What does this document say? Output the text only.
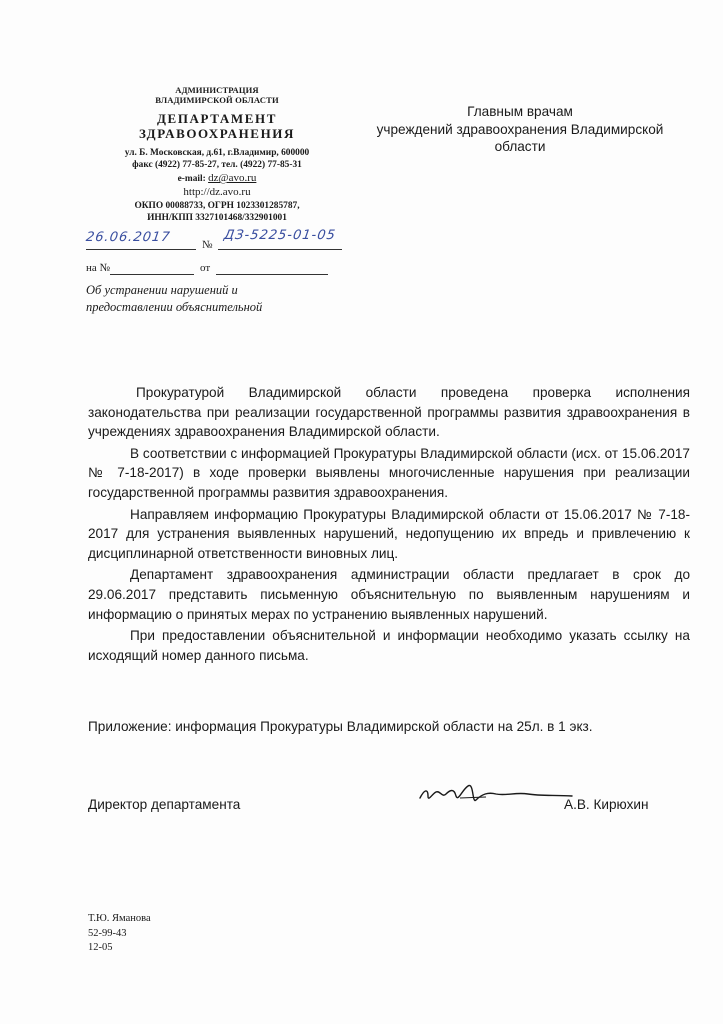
АДМИНИСТРАЦИЯ
ВЛАДИМИРСКОЙ ОБЛАСТИ
ДЕПАРТАМЕНТ
ЗДРАВООХРАНЕНИЯ
ул. Б. Московская, д.61, г.Владимир, 600000
факс (4922) 77-85-27, тел. (4922) 77-85-31
e-mail: dz@avo.ru
http://dz.avo.ru
ОКПО 00088733, ОГРН 1023301285787,
ИНН/КПП 3327101468/332901001
26.06.2017	№
ДЗ-5225-01-05
на №	от
Об устранении нарушений и предоставлении объяснительной
Главным врачам
учреждений здравоохранения Владимирской
области

Прокуратурой Владимирской области проведена проверка исполнения законодательства при реализации государственной программы развития здравоохранения в учреждениях здравоохранения Владимирской области.

В соответствии с информацией Прокуратуры Владимирской области (исх. от 15.06.2017 № 7-18-2017) в ходе проверки выявлены многочисленные нарушения при реализации государственной программы развития здравоохранения.

Направляем информацию Прокуратуры Владимирской области от 15.06.2017 № 7-18-2017 для устранения выявленных нарушений, недопущению их впредь и привлечению к дисциплинарной ответственности виновных лиц.

Департамент здравоохранения администрации области предлагает в срок до 29.06.2017 представить письменную объяснительную по выявленным нарушениям и информацию о принятых мерах по устранению выявленных нарушений.

При предоставлении объяснительной и информации необходимо указать ссылку на исходящий номер данного письма.

Приложение: информация Прокуратуры Владимирской области на 25л. в 1 экз.
Директор департамента	А.В. Кирюхин
Т.Ю. Яманова
52-99-43
12-05
